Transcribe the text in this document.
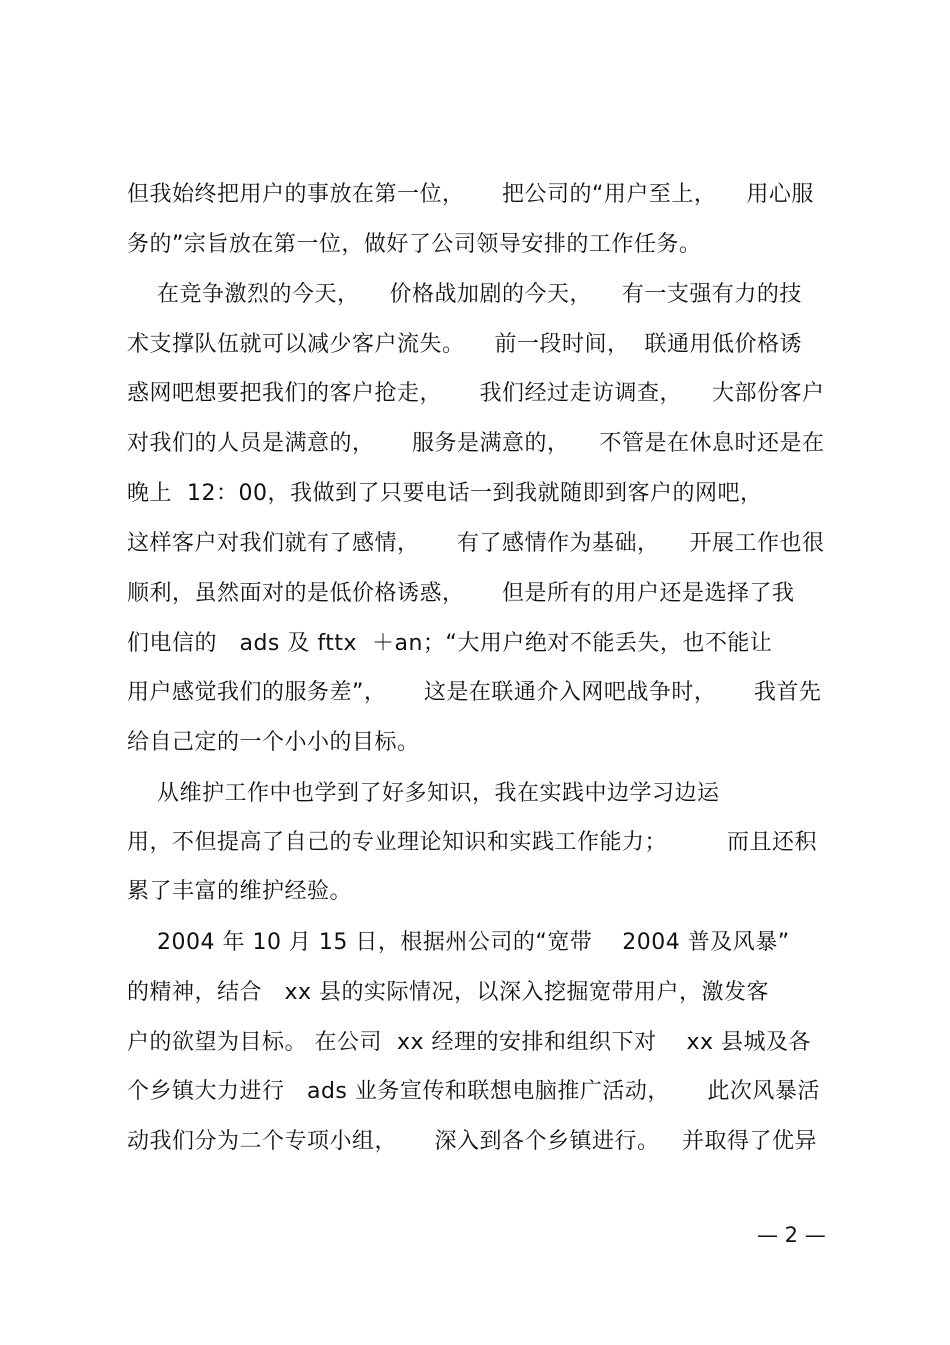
但我始终把用户的事放在第一位，     把公司的“用户至上，    用心服
务的”宗旨放在第一位，做好了公司领导安排的工作任务。
在竞争激烈的今天，    价格战加剧的今天，    有一支强有力的技
术支撑队伍就可以减少客户流失。    前一段时间，  联通用低价格诱
惑网吧想要把我们的客户抢走，     我们经过走访调查，    大部份客户
对我们的人员是满意的，     服务是满意的，    不管是在休息时还是在
晚上  12：00，我做到了只要电话一到我就随即到客户的网吧，
这样客户对我们就有了感情，     有了感情作为基础，    开展工作也很
顺利，虽然面对的是低价格诱惑，     但是所有的用户还是选择了我
们电信的   ads 及 fttx  ＋an；“大用户绝对不能丢失，也不能让
用户感觉我们的服务差”，     这是在联通介入网吧战争时，     我首先
给自己定的一个小小的目标。
从维护工作中也学到了好多知识，我在实践中边学习边运
用，不但提高了自己的专业理论知识和实践工作能力；        而且还积
累了丰富的维护经验。
2004 年 10 月 15 日，根据州公司的“宽带    2004 普及风暴”
的精神，结合   xx 县的实际情况，以深入挖掘宽带用户，激发客
户的欲望为目标。 在公司  xx 经理的安排和组织下对    xx 县城及各
个乡镇大力进行   ads 业务宣传和联想电脑推广活动，     此次风暴活
动我们分为二个专项小组，     深入到各个乡镇进行。   并取得了优异
— 2 —
